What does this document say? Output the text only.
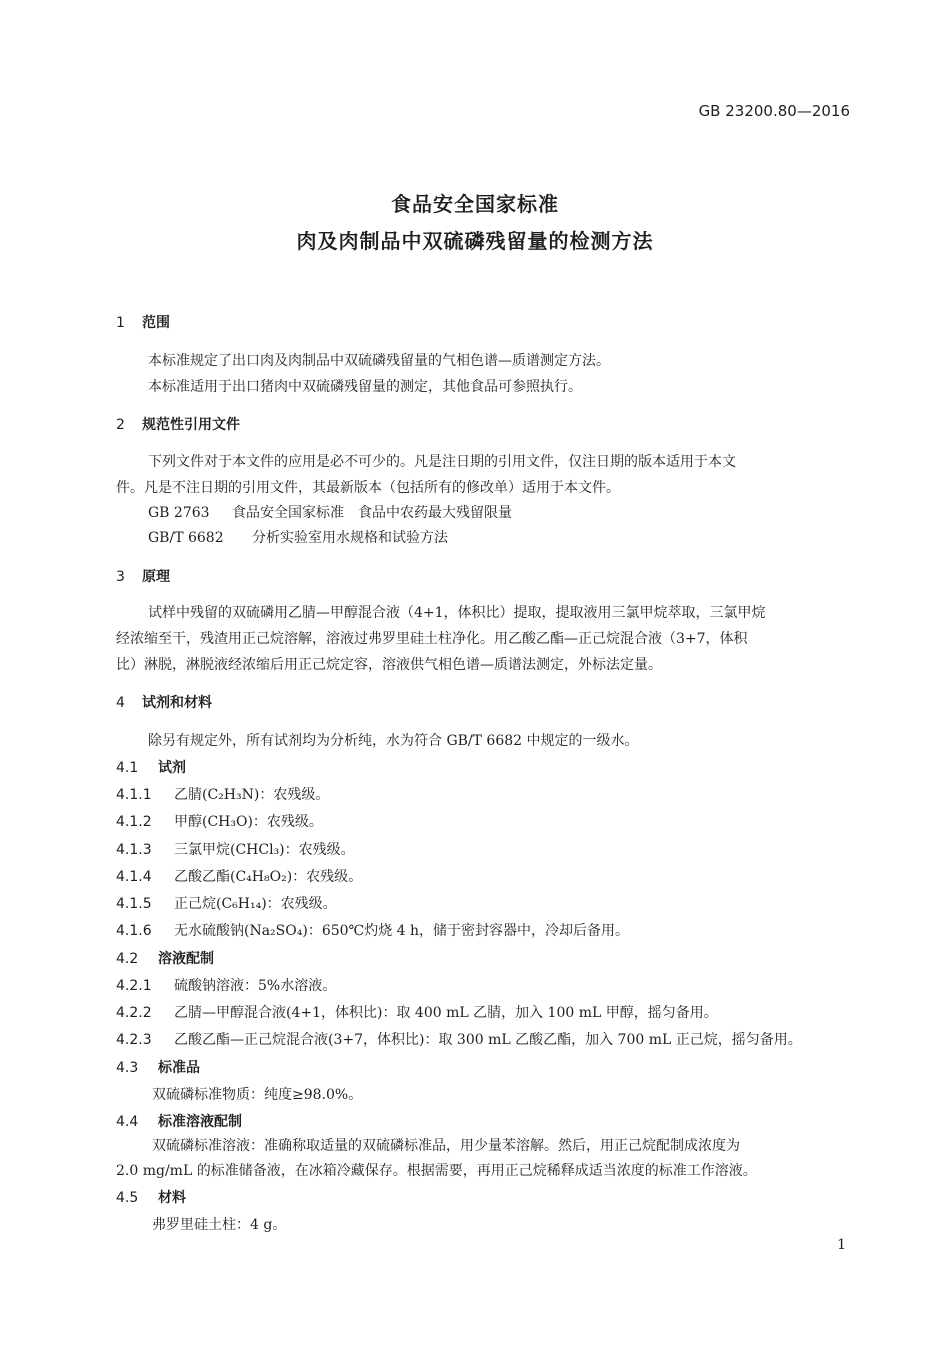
GB 23200.80—2016
食品安全国家标准
肉及肉制品中双硫磷残留量的检测方法
1 范围
本标准规定了出口肉及肉制品中双硫磷残留量的气相色谱—质谱测定方法。
本标准适用于出口猪肉中双硫磷残留量的测定，其他食品可参照执行。
2 规范性引用文件
下列文件对于本文件的应用是必不可少的。凡是注日期的引用文件，仅注日期的版本适用于本文
件。凡是不注日期的引用文件，其最新版本（包括所有的修改单）适用于本文件。
GB 2763 食品安全国家标准　食品中农药最大残留限量
GB/T 6682 分析实验室用水规格和试验方法
3 原理
试样中残留的双硫磷用乙腈—甲醇混合液（4+1，体积比）提取，提取液用三氯甲烷萃取，三氯甲烷
经浓缩至干，残渣用正己烷溶解，溶液过弗罗里硅土柱净化。用乙酸乙酯—正己烷混合液（3+7，体积
比）淋脱，淋脱液经浓缩后用正己烷定容，溶液供气相色谱—质谱法测定，外标法定量。
4 试剂和材料
除另有规定外，所有试剂均为分析纯，水为符合 GB/T 6682 中规定的一级水。
4.1 试剂
4.1.1 乙腈(C₂H₃N)：农残级。
4.1.2 甲醇(CH₃O)：农残级。
4.1.3 三氯甲烷(CHCl₃)：农残级。
4.1.4 乙酸乙酯(C₄H₈O₂)：农残级。
4.1.5 正己烷(C₆H₁₄)：农残级。
4.1.6 无水硫酸钠(Na₂SO₄)：650℃灼烧 4 h，储于密封容器中，冷却后备用。
4.2 溶液配制
4.2.1 硫酸钠溶液：5%水溶液。
4.2.2 乙腈—甲醇混合液(4+1，体积比)：取 400 mL 乙腈，加入 100 mL 甲醇，摇匀备用。
4.2.3 乙酸乙酯—正己烷混合液(3+7，体积比)：取 300 mL 乙酸乙酯，加入 700 mL 正己烷，摇匀备用。
4.3 标准品
双硫磷标准物质：纯度≥98.0%。
4.4 标准溶液配制
双硫磷标准溶液：准确称取适量的双硫磷标准品，用少量苯溶解。然后，用正己烷配制成浓度为
2.0 mg/mL 的标准储备液，在冰箱冷藏保存。根据需要，再用正己烷稀释成适当浓度的标准工作溶液。
4.5 材料
弗罗里硅土柱：4 g。
1
